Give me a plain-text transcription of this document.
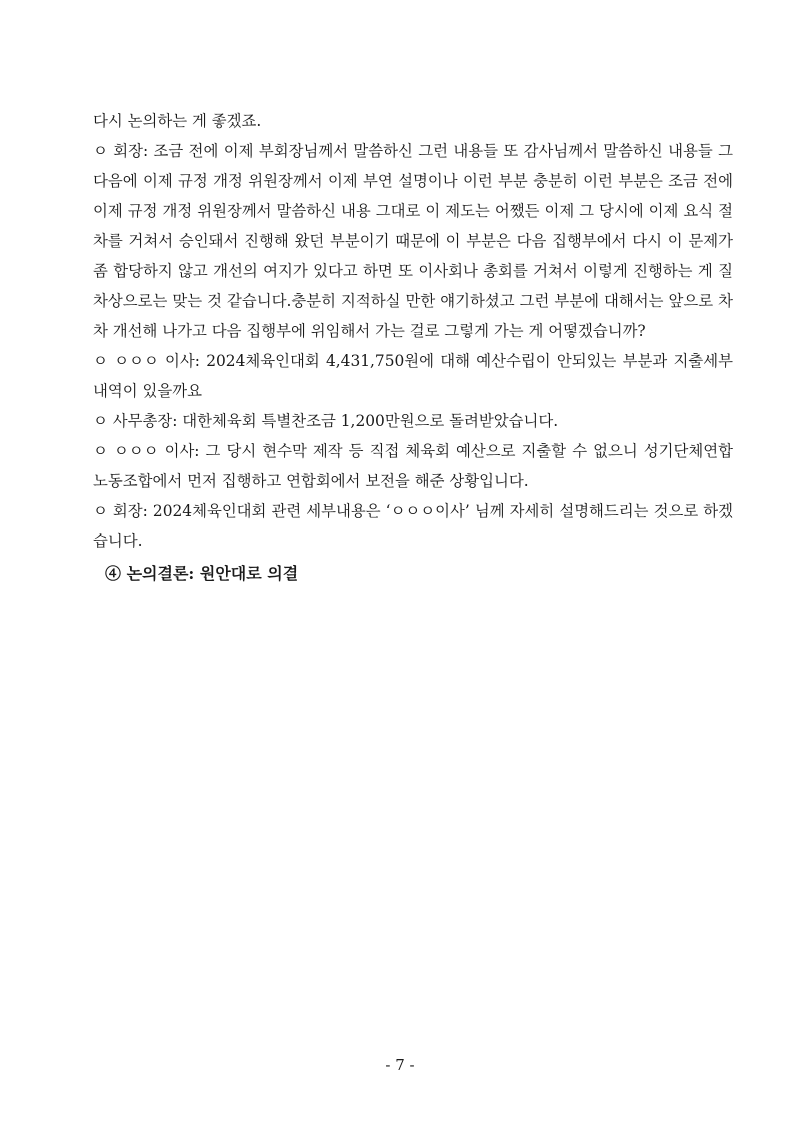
다시 논의하는 게 좋겠죠.

ㅇ 회장: 조금 전에 이제 부회장님께서 말씀하신 그런 내용들 또 감사님께서 말씀하신 내용들 그다음에 이제 규정 개정 위원장께서 이제 부연 설명이나 이런 부분 충분히 이런 부분은 조금 전에 이제 규정 개정 위원장께서 말씀하신 내용 그대로 이 제도는 어쨌든 이제 그 당시에 이제 요식 절차를 거쳐서 승인돼서 진행해 왔던 부분이기 때문에 이 부분은 다음 집행부에서 다시 이 문제가 좀 합당하지 않고 개선의 여지가 있다고 하면 또 이사회나 총회를 거쳐서 이렇게 진행하는 게 질차상으로는 맞는 것 같습니다.충분히 지적하실 만한 얘기하셨고 그런 부분에 대해서는 앞으로 차차 개선해 나가고 다음 집행부에 위임해서 가는 걸로 그렇게 가는 게 어떻겠습니까?

ㅇ ㅇㅇㅇ 이사: 2024체육인대회 4,431,750원에 대해 예산수립이 안되있는 부분과 지출세부내역이 있을까요

ㅇ 사무총장: 대한체육회 특별찬조금 1,200만원으로 돌려받았습니다.

ㅇ ㅇㅇㅇ 이사: 그 당시 현수막 제작 등 직접 체육회 예산으로 지출할 수 없으니 성기단체연합 노동조합에서 먼저 집행하고 연합회에서 보전을 해준 상황입니다.

ㅇ 회장: 2024체육인대회 관련 세부내용은 ‘ㅇㅇㅇ이사’ 님께 자세히 설명해드리는 것으로 하겠습니다.

④ 논의결론: 원안대로 의결

- 7 -
